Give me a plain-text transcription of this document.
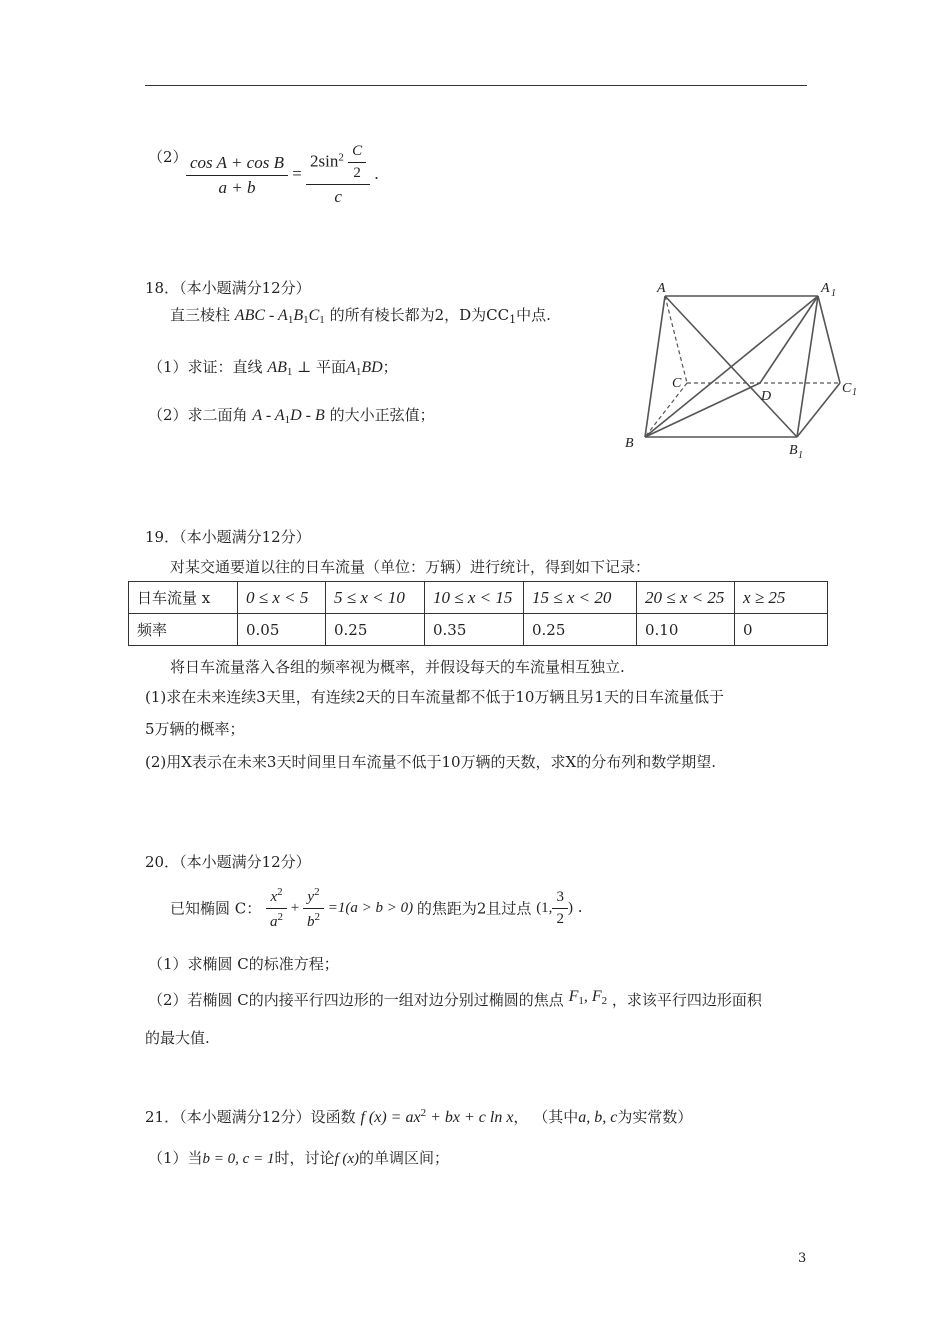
（2）
$\frac{\text{cos A + cos B}}{a + b} = \frac{2\sin^2 \frac{C}{2}}{c}$ .
18．（本小题满分12分）
直三棱柱 ABC - $A_1B_1C_1$ 的所有棱长都为2，D为$CC_1$中点.
（1）求证：直线 $AB_1$ ⊥ 平面$A_1BD$；
（2）求二面角 A - $A_1D$ - B 的大小正弦值；
A	A 1
C
D
C 1
B	B 1
19．（本小题满分12分）
对某交通要道以往的日车流量（单位：万辆）进行统计，得到如下记录：
日车流量 x	0 ≤ x < 5	5 ≤ x < 10	10 ≤ x < 15	15 ≤ x < 20	20 ≤ x < 25	x ≥ 25
频率	0.05	0.25	0.35	0.25	0.10	0
将日车流量落入各组的频率视为概率，并假设每天的车流量相互独立.
(1)求在未来连续3天里，有连续2天的日车流量都不低于10万辆且另1天的日车流量低于
5万辆的概率；
(2)用X表示在未来3天时间里日车流量不低于10万辆的天数，求X的分布列和数学期望.
20．（本小题满分12分）
已知椭圆 C： $\frac{x^2}{a^2} + \frac{y^2}{b^2} =1(a > b > 0)$ 的焦距为2且过点 (1, $\frac{3}{2}$ ) .
（1）求椭圆 C的标准方程；
（2）若椭圆 C的内接平行四边形的一组对边分别过椭圆的焦点 $F_1$, $F_2$ ，求该平行四边形面积
的最大值.
21．（本小题满分12分）设函数 f $(x) = ax^2$ + bx + c ln x， （其中a, b, c为实常数）
（1）当b = 0, c = 1时，讨论f (x)的单调区间；
3
